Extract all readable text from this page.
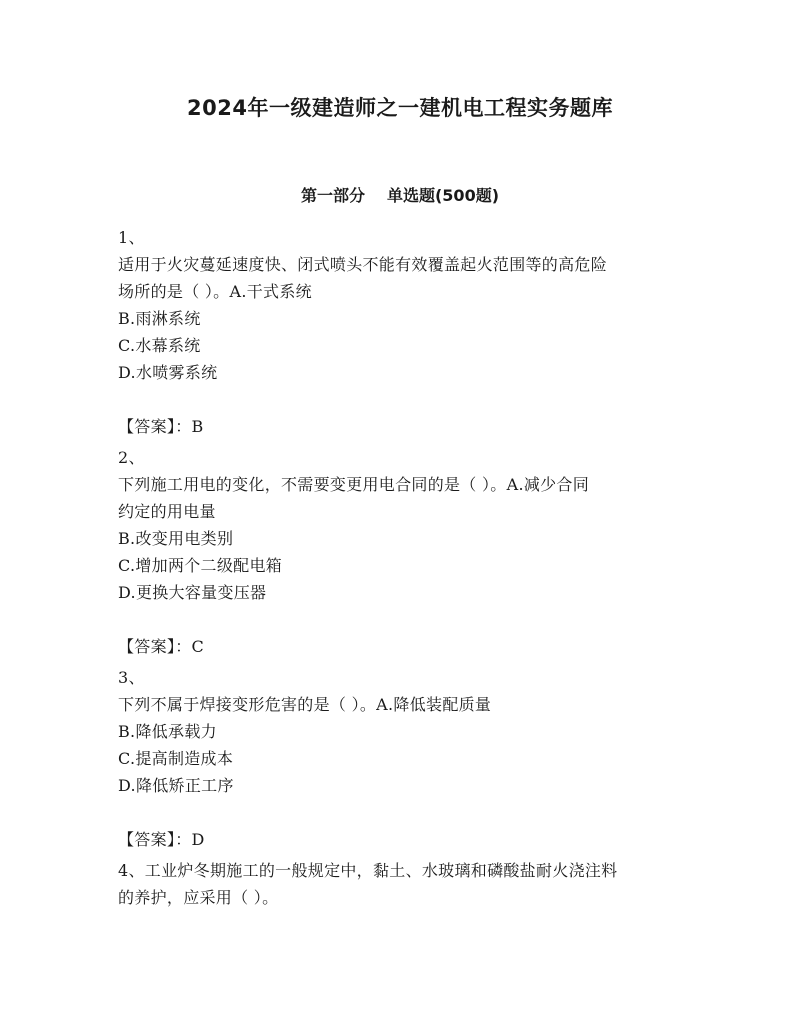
2024年一级建造师之一建机电工程实务题库
第一部分 单选题(500题)
1、
适用于火灾蔓延速度快、闭式喷头不能有效覆盖起火范围等的高危险
场所的是（ ）。A.干式系统
B.雨淋系统
C.水幕系统
D.水喷雾系统
【答案】：B
2、
下列施工用电的变化，不需要变更用电合同的是（ ）。A.减少合同
约定的用电量
B.改变用电类别
C.增加两个二级配电箱
D.更换大容量变压器
【答案】：C
3、
下列不属于焊接变形危害的是（ ）。A.降低装配质量
B.降低承载力
C.提高制造成本
D.降低矫正工序
【答案】：D
4、工业炉冬期施工的一般规定中，黏土、水玻璃和磷酸盐耐火浇注料
的养护，应采用（ ）。
